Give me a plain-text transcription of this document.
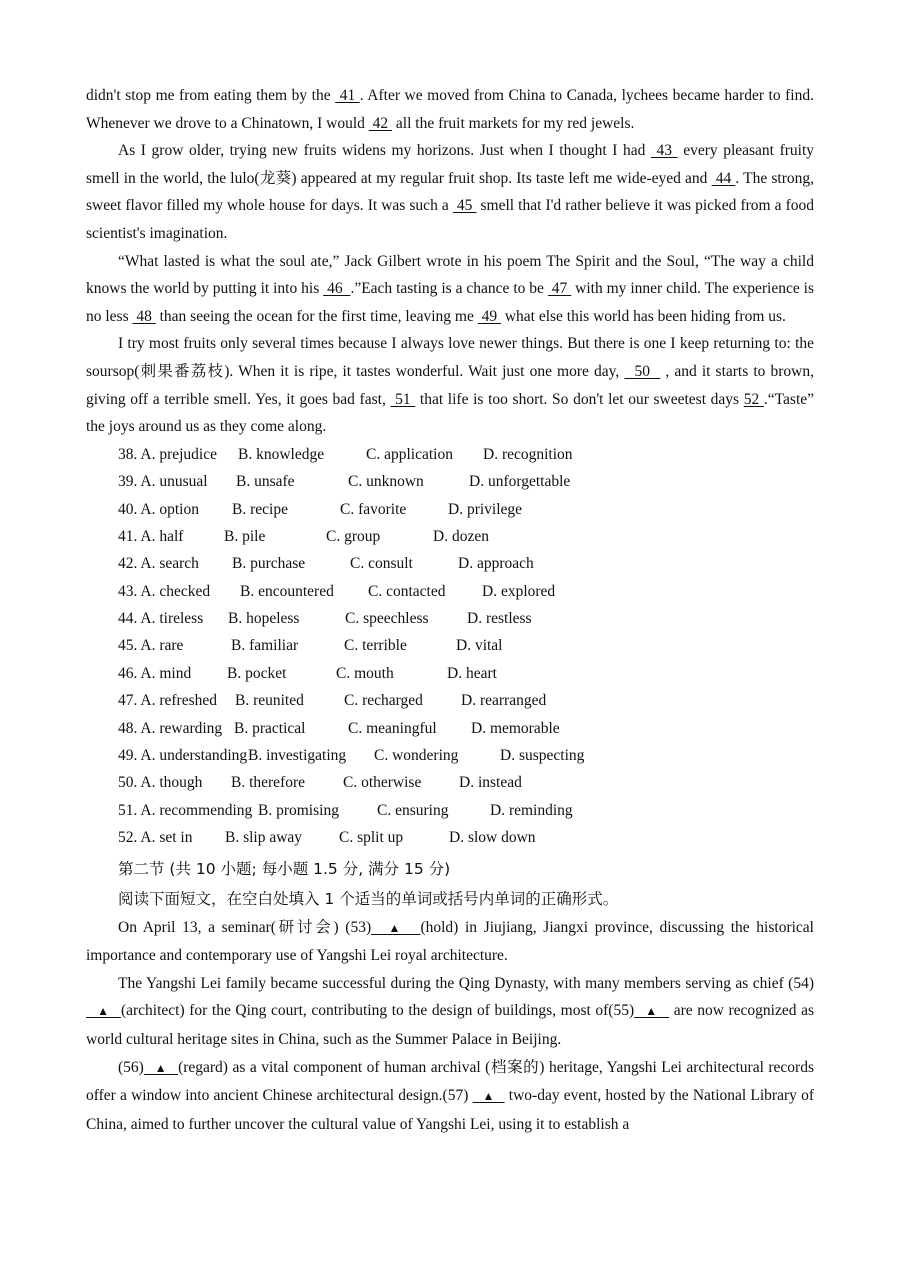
didn't stop me from eating them by the  41 . After we moved from China to Canada, lychees became harder to find. Whenever we drove to a Chinatown, I would  42  all the fruit markets for my red jewels.

As I grow older, trying new fruits widens my horizons. Just when I thought I had  43  every pleasant fruity smell in the world, the lulo(龙葵) appeared at my regular fruit shop. Its taste left me wide-eyed and  44 . The strong, sweet flavor filled my whole house for days. It was such a  45  smell that I'd rather believe it was picked from a food scientist's imagination.

“What lasted is what the soul ate,” Jack Gilbert wrote in his poem The Spirit and the Soul, “The way a child knows the world by putting it into his  46  .”Each tasting is a chance to be  47  with my inner child. The experience is no less  48  than seeing the ocean for the first time, leaving me  49  what else this world has been hiding from us.

I try most fruits only several times because I always love newer things. But there is one I keep returning to: the soursop(刺果番荔枝). When it is ripe, it tastes wonderful. Wait just one more day,   50   , and it starts to brown, giving off a terrible smell. Yes, it goes bad fast,  51  that life is too short. So don't let our sweetest days 52 .“Taste” the joys around us as they come along.

38. A. prejudice B. knowledge	C. application D. recognition
39. A. unusual B. unsafe	C. unknown	D. unforgettable
40. A. option B. recipe	C. favorite	D. privilege
41. A. half	B. pile	C. group	D. dozen
42. A. search B. purchase	C. consult	D. approach
43. A. checked B. encountered C. contacted D. explored
44. A. tireless B. hopeless	C. speechless D. restless
45. A. rare	B. familiar	C. terrible	D. vital
46. A. mind B. pocket	C. mouth	D. heart
47. A. refreshed B. reunited	C. recharged D. rearranged
48. A. rewarding B. practical	C. meaningful D. memorable
49. A. understanding B. investigating C. wondering	D. suspecting
50. A. though B. therefore C. otherwise D. instead
51. A. recommending B. promising C. ensuring	D. reminding
52. A. set in B. slip away C. split up	D. slow down

第二节 (共 10 小题; 每小题 1.5 分, 满分 15 分)

阅读下面短文，在空白处填入 1 个适当的单词或括号内单词的正确形式。

On April 13, a seminar(研讨会) (53)   ▲   (hold) in Jiujiang, Jiangxi province, discussing the historical importance and contemporary use of Yangshi Lei royal architecture.

The Yangshi Lei family became successful during the Qing Dynasty, with many members serving as chief (54)   ▲   (architect) for the Qing court, contributing to the design of buildings, most of(55)   ▲    are now recognized as world cultural heritage sites in China, such as the Summer Palace in Beijing.

(56)   ▲   (regard) as a vital component of human archival (档案的) heritage, Yangshi Lei architectural records offer a window into ancient Chinese architectural design.(57)    ▲    two-day event, hosted by the National Library of China, aimed to further uncover the cultural value of Yangshi Lei, using it to establish a
